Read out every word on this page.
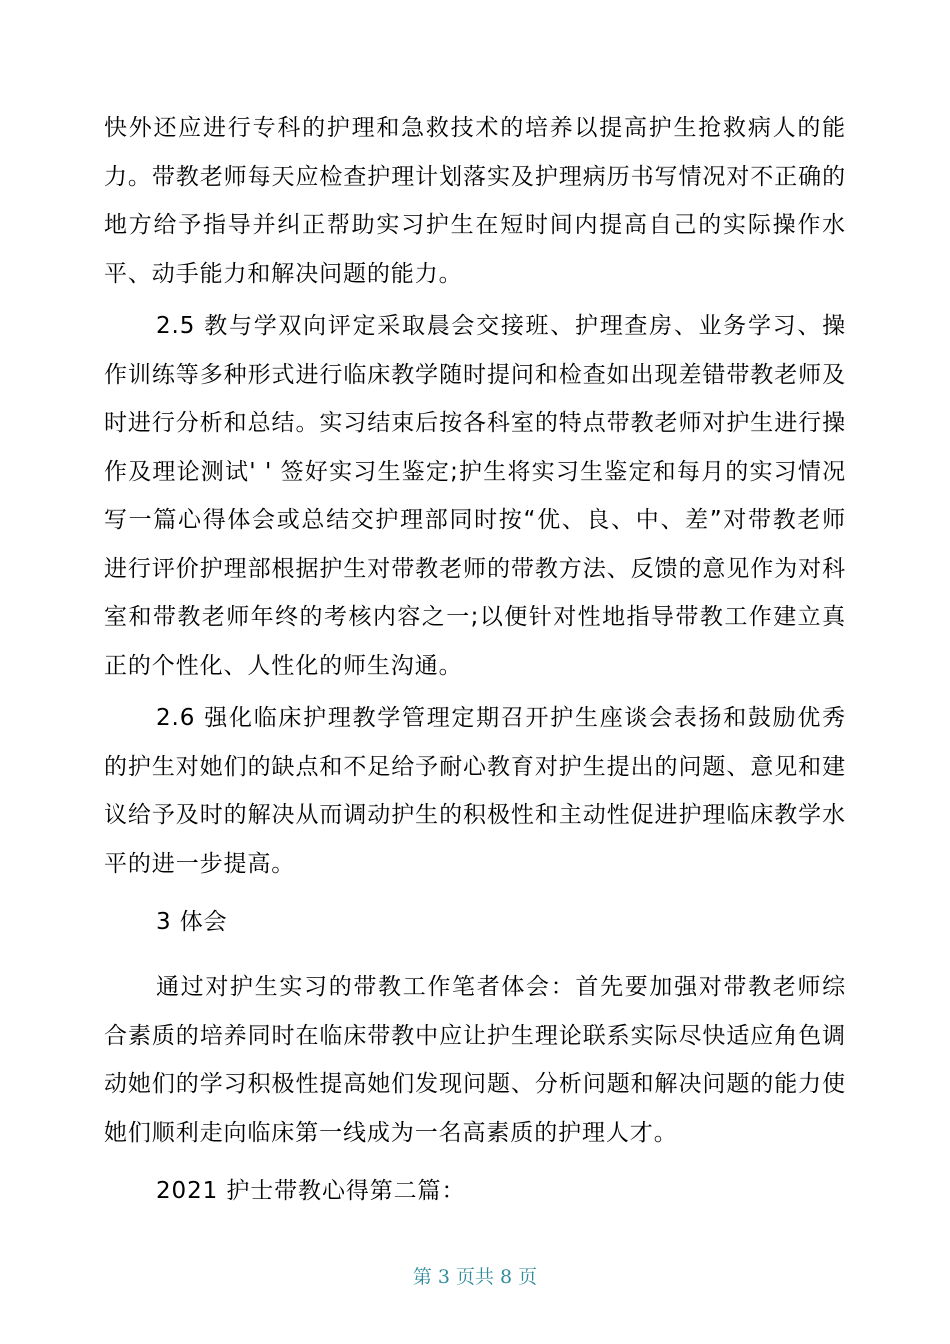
快外还应进行专科的护理和急救技术的培养以提高护生抢救病人的能力。带教老师每天应检查护理计划落实及护理病历书写情况对不正确的地方给予指导并纠正帮助实习护生在短时间内提高自己的实际操作水平、动手能力和解决问题的能力。

2.5 教与学双向评定采取晨会交接班、护理查房、业务学习、操作训练等多种形式进行临床教学随时提问和检查如出现差错带教老师及时进行分析和总结。实习结束后按各科室的特点带教老师对护生进行操作及理论测试' ' 签好实习生鉴定;护生将实习生鉴定和每月的实习情况写一篇心得体会或总结交护理部同时按“优、良、中、差”对带教老师进行评价护理部根据护生对带教老师的带教方法、反馈的意见作为对科室和带教老师年终的考核内容之一;以便针对性地指导带教工作建立真正的个性化、人性化的师生沟通。

2.6 强化临床护理教学管理定期召开护生座谈会表扬和鼓励优秀的护生对她们的缺点和不足给予耐心教育对护生提出的问题、意见和建议给予及时的解决从而调动护生的积极性和主动性促进护理临床教学水平的进一步提高。

3 体会

通过对护生实习的带教工作笔者体会：首先要加强对带教老师综合素质的培养同时在临床带教中应让护生理论联系实际尽快适应角色调动她们的学习积极性提高她们发现问题、分析问题和解决问题的能力使她们顺利走向临床第一线成为一名高素质的护理人才。

2021 护士带教心得第二篇：

第 3 页共 8 页
